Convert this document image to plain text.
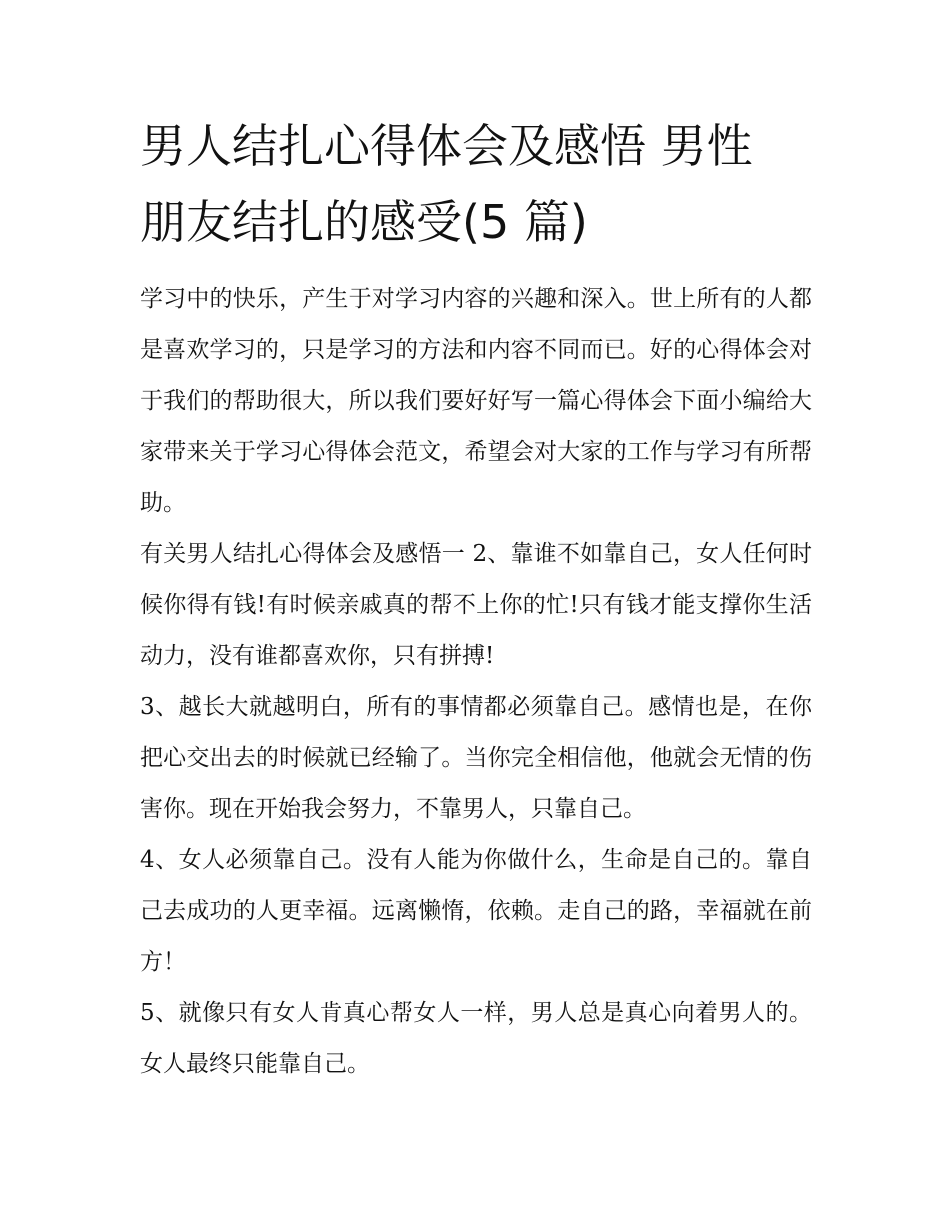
男人结扎心得体会及感悟 男性
朋友结扎的感受(5 篇)

学习中的快乐，产生于对学习内容的兴趣和深入。世上所有的人都是喜欢学习的，只是学习的方法和内容不同而已。好的心得体会对于我们的帮助很大，所以我们要好好写一篇心得体会下面小编给大家带来关于学习心得体会范文，希望会对大家的工作与学习有所帮助。

有关男人结扎心得体会及感悟一 2、靠谁不如靠自己，女人任何时候你得有钱!有时候亲戚真的帮不上你的忙!只有钱才能支撑你生活动力，没有谁都喜欢你，只有拼搏!

3、越长大就越明白，所有的事情都必须靠自己。感情也是，在你把心交出去的时候就已经输了。当你完全相信他，他就会无情的伤害你。现在开始我会努力，不靠男人，只靠自己。

4、女人必须靠自己。没有人能为你做什么，生命是自己的。靠自己去成功的人更幸福。远离懒惰，依赖。走自己的路，幸福就在前方！

5、就像只有女人肯真心帮女人一样，男人总是真心向着男人的。女人最终只能靠自己。
